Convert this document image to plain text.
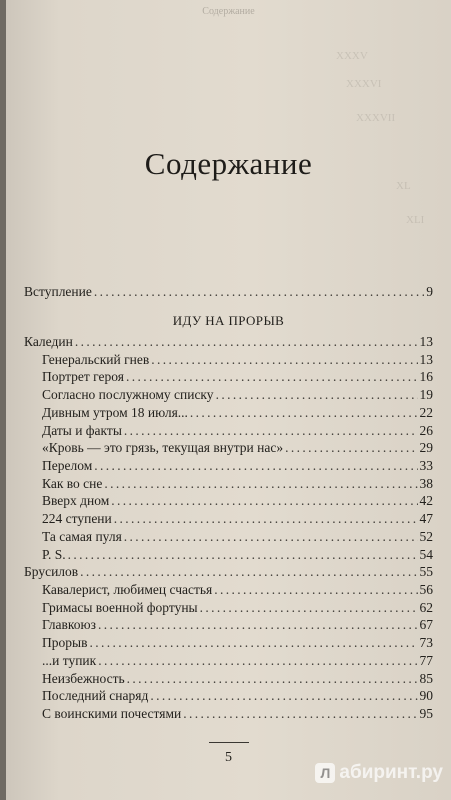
Содержание
XXXV
XXXVI
XXXVII
XL
XLI
Содержание
ИДУ НА ПРОРЫВ
Вступление . . .	9
Каледин . . .	13
Генеральский гнев . . .	13
Портрет героя . . .	16
Согласно послужному списку . . .	19
Дивным утром 18 июля... . . .	22
Даты и факты . . .	26
«Кровь — это грязь, текущая внутри нас» . . .	29
Перелом . . .	33
Как во сне . . .	38
Вверх дном . . .	42
224 ступени . . .	47
Та самая пуля . . .	52
P. S. . . .	54
Брусилов . . .	55
Кавалерист, любимец счастья . . .	56
Гримасы военной фортуны . . .	62
Главкоюз . . .	67
Прорыв . . .	73
...и тупик . . .	77
Неизбежность . . .	85
Последний снаряд . . .	90
С воинскими почестями . . .	95
5
Л абиринт.ру
